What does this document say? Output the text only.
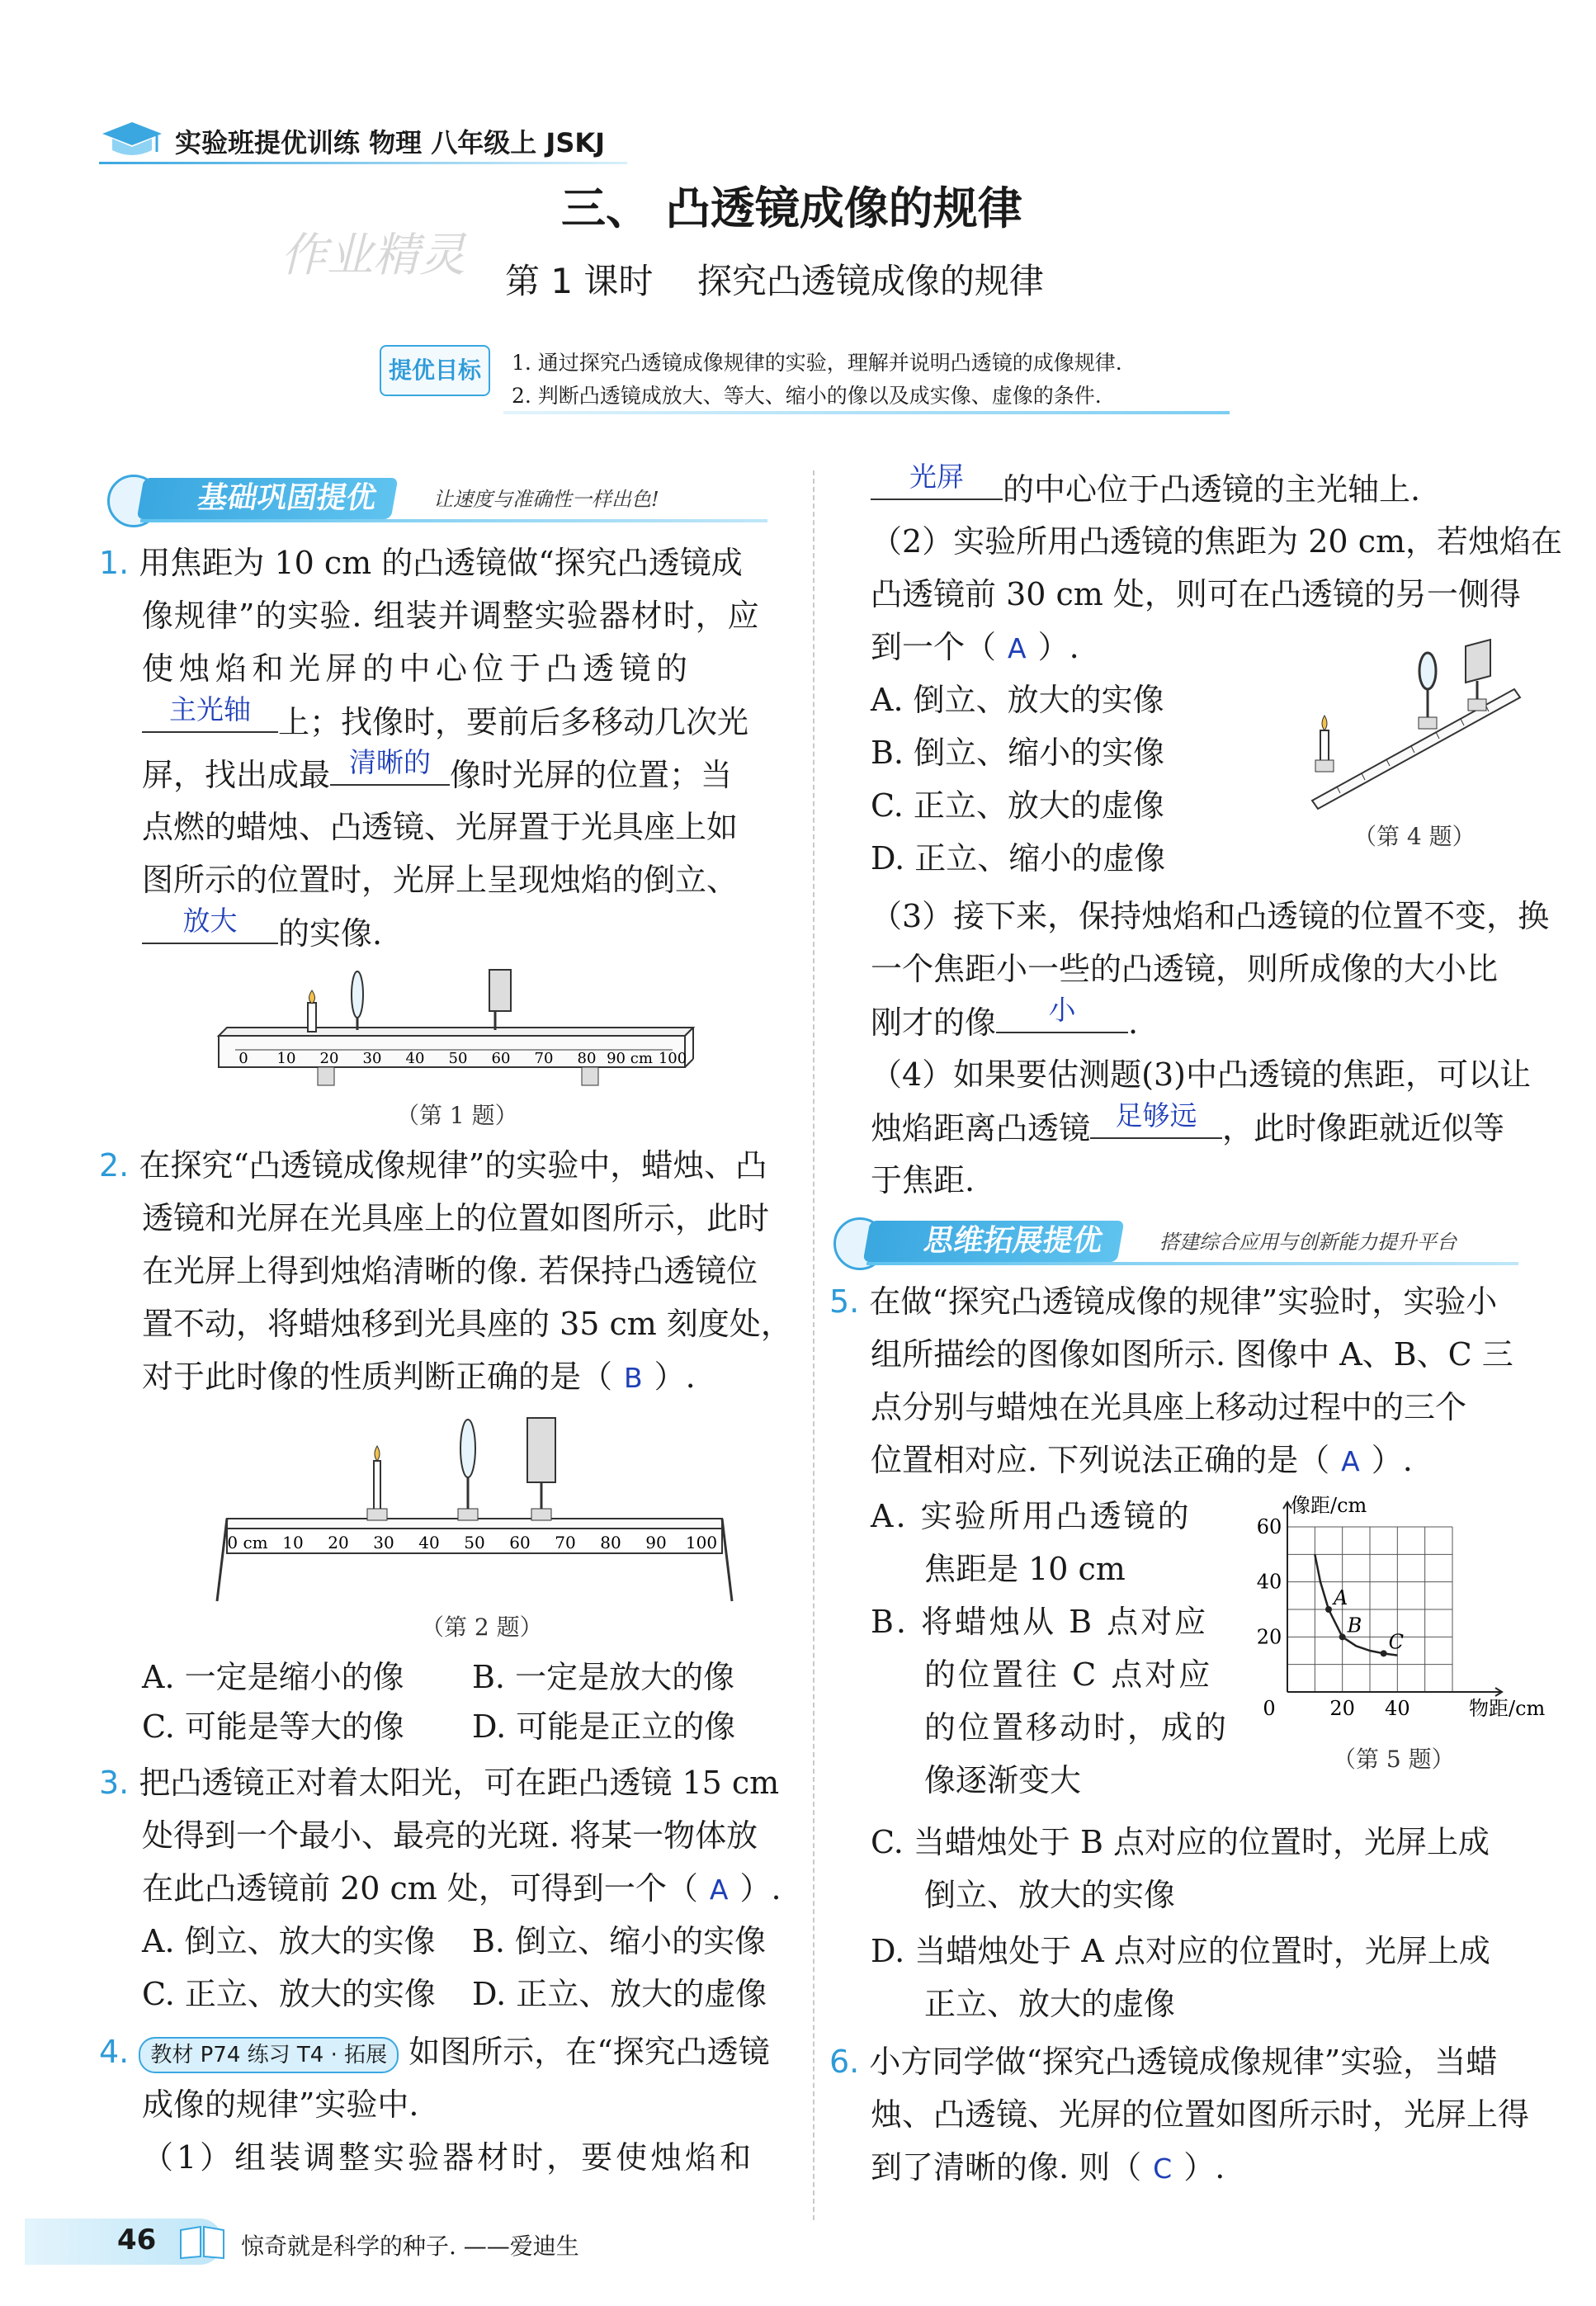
实验班提优训练 物理 八年级上 JSKJ
三、 凸透镜成像的规律
作业精灵 第 1 课时    探究凸透镜成像的规律
提优目标	1. 通过探究凸透镜成像规律的实验，理解并说明凸透镜的成像规律.
2. 判断凸透镜成放大、等大、缩小的像以及成实像、虚像的条件.
基础巩固提优	让速度与准确性一样出色!
1. 用焦距为 10 cm 的凸透镜做“探究凸透镜成
像规律”的实验. 组装并调整实验器材时，应
使烛焰和光屏的中心位于凸透镜的
主光轴 上；找像时，要前后多移动几次光
屏，找出成最 清晰的 像时光屏的位置；当
点燃的蜡烛、凸透镜、光屏置于光具座上如
图所示的位置时，光屏上呈现烛焰的倒立、
放大	的实像.
0 10 20 30 40 50 60 70 80 90 cm 100
（第 1 题）
2. 在探究“凸透镜成像规律”的实验中，蜡烛、凸
透镜和光屏在光具座上的位置如图所示，此时
在光屏上得到烛焰清晰的像. 若保持凸透镜位
置不动，将蜡烛移到光具座的 35 cm 刻度处，
对于此时像的性质判断正确的是（ B ）.
0 cm 10 20 30 40 50 60 70 80 90 100
（第 2 题）
A. 一定是缩小的像 B. 一定是放大的像
C. 可能是等大的像 D. 可能是正立的像
3. 把凸透镜正对着太阳光，可在距凸透镜 15 cm
处得到一个最小、最亮的光斑. 将某一物体放
在此凸透镜前 20 cm 处，可得到一个（ A ）.
A. 倒立、放大的实像 B. 倒立、缩小的实像
C. 正立、放大的实像 D. 正立、放大的虚像
4. 教材 P74 练习 T4 · 拓展 如图所示，在“探究凸透镜
成像的规律”实验中.
（1）组装调整实验器材时，要使烛焰和
光屏	的中心位于凸透镜的主光轴上.
（2）实验所用凸透镜的焦距为 20 cm，若烛焰在
凸透镜前 30 cm 处，则可在凸透镜的另一侧得
到一个（ A ）.
A. 倒立、放大的实像
B. 倒立、缩小的实像
C. 正立、放大的虚像
D. 正立、缩小的虚像
（第 4 题）
（3）接下来，保持烛焰和凸透镜的位置不变，换
一个焦距小一些的凸透镜，则所成像的大小比
刚才的像	小	.
（4）如果要估测题(3)中凸透镜的焦距，可以让
烛焰距离凸透镜 足够远 ，此时像距就近似等
于焦距.
思维拓展提优	搭建综合应用与创新能力提升平台
5. 在做“探究凸透镜成像的规律”实验时，实验小
组所描绘的图像如图所示. 图像中 A、B、C 三
点分别与蜡烛在光具座上移动过程中的三个
位置相对应. 下列说法正确的是（ A ）.
A. 实验所用凸透镜的
焦距是 10 cm
B. 将蜡烛从 B 点对应
的位置往 C 点对应
的位置移动时，成的
像逐渐变大
像距/cm
物距/cm
0	20 40
20
40
60
A
B
C
（第 5 题）
C. 当蜡烛处于 B 点对应的位置时，光屏上成
倒立、放大的实像
D. 当蜡烛处于 A 点对应的位置时，光屏上成
正立、放大的虚像
6. 小方同学做“探究凸透镜成像规律”实验，当蜡
烛、凸透镜、光屏的位置如图所示时，光屏上得
到了清晰的像. 则（ C ）.
46	惊奇就是科学的种子. ——爱迪生
